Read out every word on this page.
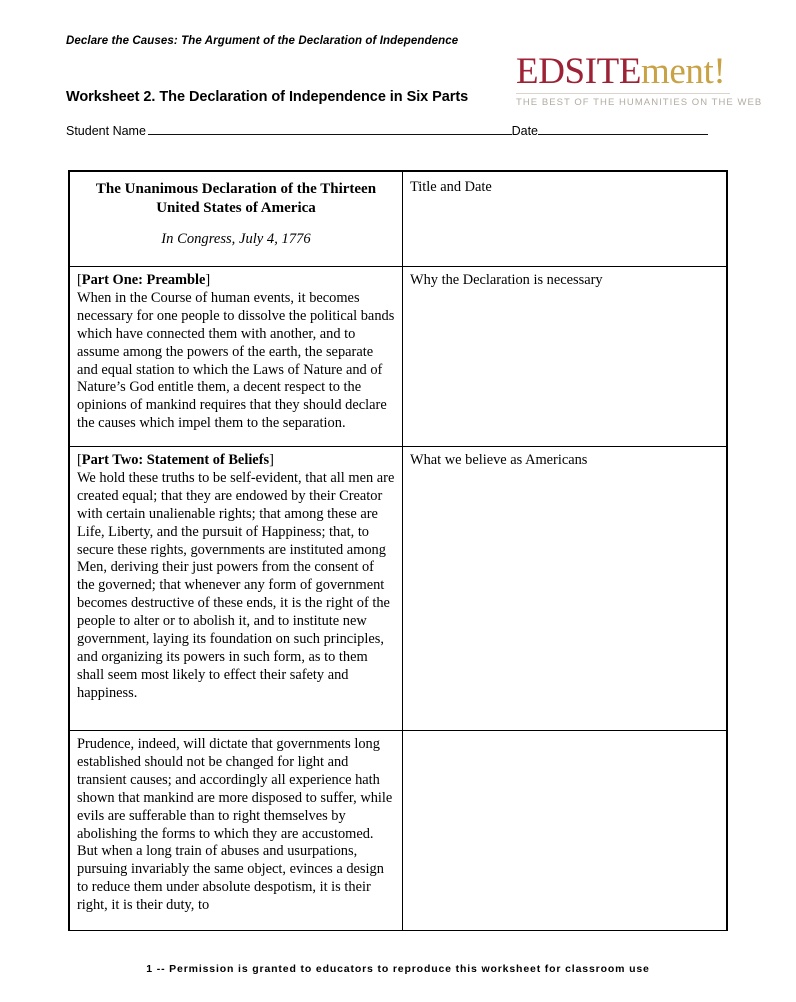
Declare the Causes: The Argument of the Declaration of Independence
EDSITEment!
THE BEST OF THE HUMANITIES ON THE WEB
Worksheet 2. The Declaration of Independence in Six Parts
Student Name	Date
The Unanimous Declaration of the Thirteen United States of America
In Congress, July 4, 1776	Title and Date

[Part One: Preamble]
When in the Course of human events, it becomes necessary for one people to dissolve the political bands which have connected them with another, and to assume among the powers of the earth, the separate and equal station to which the Laws of Nature and of Nature’s God entitle them, a decent respect to the opinions of mankind requires that they should declare the causes which impel them to the separation.	Why the Declaration is necessary

[Part Two: Statement of Beliefs]
We hold these truths to be self-evident, that all men are created equal; that they are endowed by their Creator with certain unalienable rights; that among these are Life, Liberty, and the pursuit of Happiness; that, to secure these rights, governments are instituted among Men, deriving their just powers from the consent of the governed; that whenever any form of government becomes destructive of these ends, it is the right of the people to alter or to abolish it, and to institute new government, laying its foundation on such principles, and organizing its powers in such form, as to them shall seem most likely to effect their safety and happiness.	What we believe as Americans

Prudence, indeed, will dictate that governments long established should not be changed for light and transient causes; and accordingly all experience hath shown that mankind are more disposed to suffer, while evils are sufferable than to right themselves by abolishing the forms to which they are accustomed. But when a long train of abuses and usurpations, pursuing invariably the same object, evinces a design to reduce them under absolute despotism, it is their right, it is their duty, to	
1 -- Permission is granted to educators to reproduce this worksheet for classroom use
